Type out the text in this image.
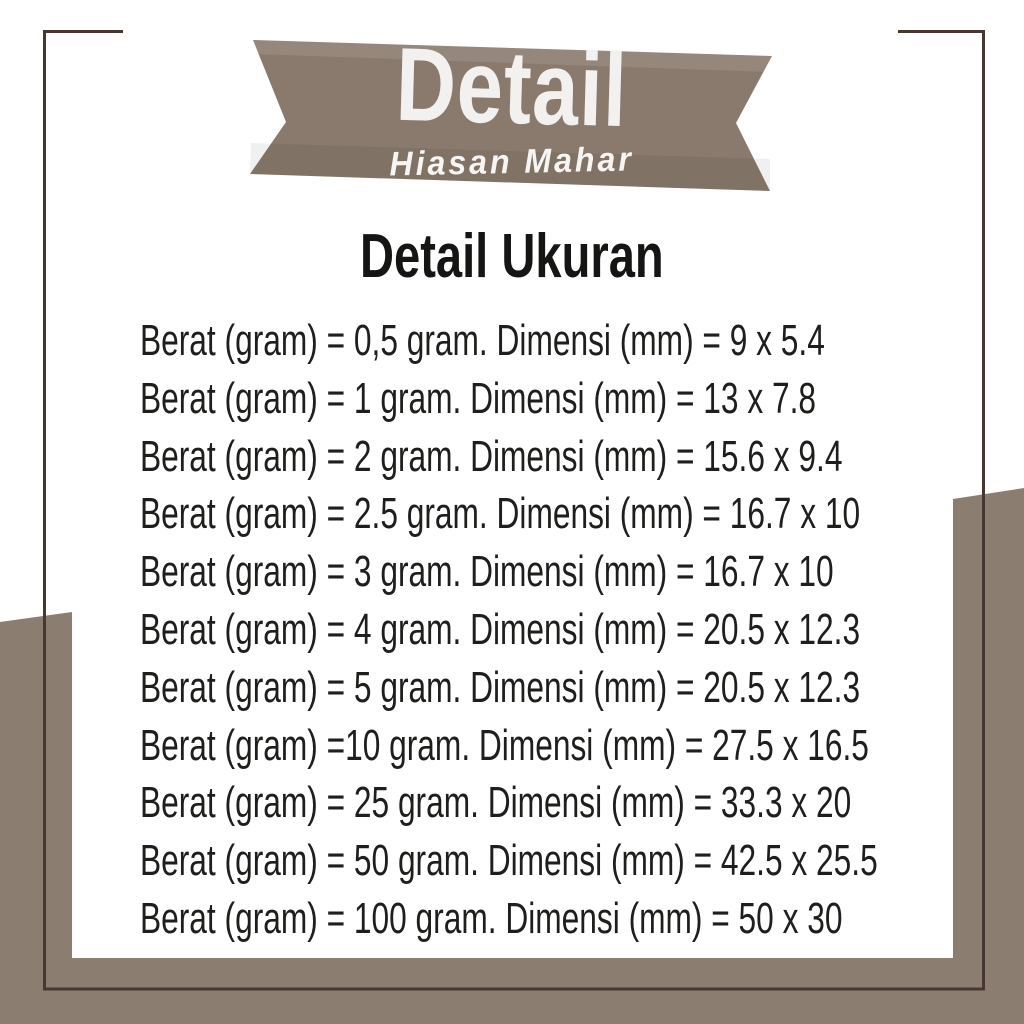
Detail
Hiasan Mahar
Detail Ukuran
Berat (gram) = 0,5 gram. Dimensi (mm) = 9 x 5.4
Berat (gram) = 1 gram. Dimensi (mm) = 13 x 7.8
Berat (gram) = 2 gram. Dimensi (mm) = 15.6 x 9.4
Berat (gram) = 2.5 gram. Dimensi (mm) = 16.7 x 10
Berat (gram) = 3 gram. Dimensi (mm) = 16.7 x 10
Berat (gram) = 4 gram. Dimensi (mm) = 20.5 x 12.3
Berat (gram) = 5 gram. Dimensi (mm) = 20.5 x 12.3
Berat (gram) =10 gram. Dimensi (mm) = 27.5 x 16.5
Berat (gram) = 25 gram. Dimensi (mm) = 33.3 x 20
Berat (gram) = 50 gram. Dimensi (mm) = 42.5 x 25.5
Berat (gram) = 100 gram. Dimensi (mm) = 50 x 30
